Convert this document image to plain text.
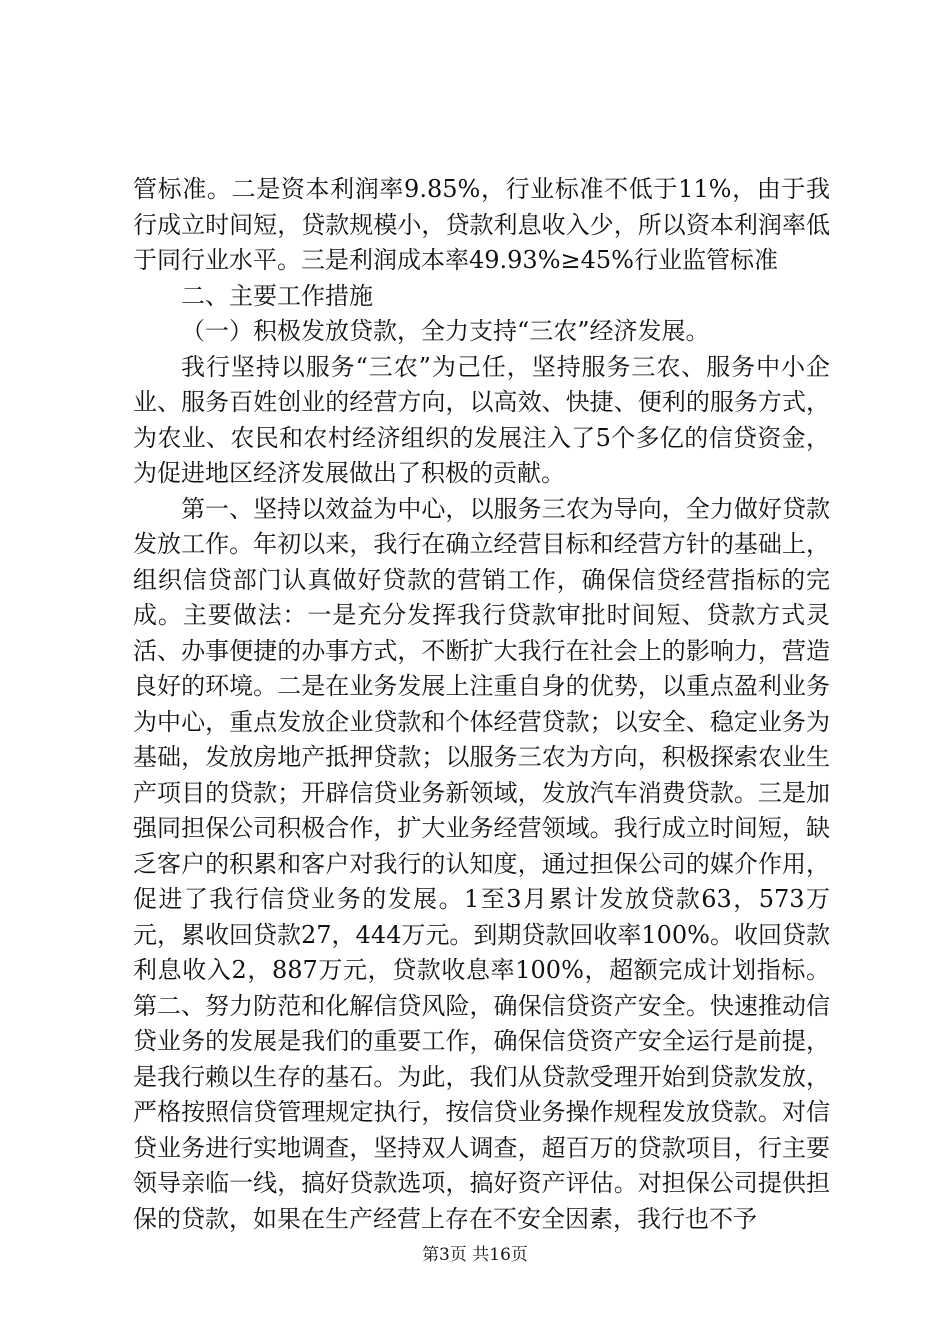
管标准。二是资本利润率9.85%，行业标准不低于11%，由于我行成立时间短，贷款规模小，贷款利息收入少，所以资本利润率低于同行业水平。三是利润成本率49.93%≥45%行业监管标准

二、主要工作措施

（一）积极发放贷款，全力支持“三农”经济发展。

我行坚持以服务“三农”为己任，坚持服务三农、服务中小企业、服务百姓创业的经营方向，以高效、快捷、便利的服务方式，为农业、农民和农村经济组织的发展注入了5个多亿的信贷资金，为促进地区经济发展做出了积极的贡献。

第一、坚持以效益为中心，以服务三农为导向，全力做好贷款发放工作。年初以来，我行在确立经营目标和经营方针的基础上，组织信贷部门认真做好贷款的营销工作，确保信贷经营指标的完成。主要做法：一是充分发挥我行贷款审批时间短、贷款方式灵活、办事便捷的办事方式，不断扩大我行在社会上的影响力，营造良好的环境。二是在业务发展上注重自身的优势，以重点盈利业务为中心，重点发放企业贷款和个体经营贷款；以安全、稳定业务为基础，发放房地产抵押贷款；以服务三农为方向，积极探索农业生产项目的贷款；开辟信贷业务新领域，发放汽车消费贷款。三是加强同担保公司积极合作，扩大业务经营领域。我行成立时间短，缺乏客户的积累和客户对我行的认知度，通过担保公司的媒介作用，促进了我行信贷业务的发展。1至3月累计发放贷款63，573万元，累收回贷款27，444万元。到期贷款回收率100%。收回贷款利息收入2，887万元，贷款收息率100%，超额完成计划指标。第二、努力防范和化解信贷风险，确保信贷资产安全。快速推动信贷业务的发展是我们的重要工作，确保信贷资产安全运行是前提，是我行赖以生存的基石。为此，我们从贷款受理开始到贷款发放，严格按照信贷管理规定执行，按信贷业务操作规程发放贷款。对信贷业务进行实地调查，坚持双人调查，超百万的贷款项目，行主要领导亲临一线，搞好贷款选项，搞好资产评估。对担保公司提供担保的贷款，如果在生产经营上存在不安全因素，我行也不予

第3页 共16页
